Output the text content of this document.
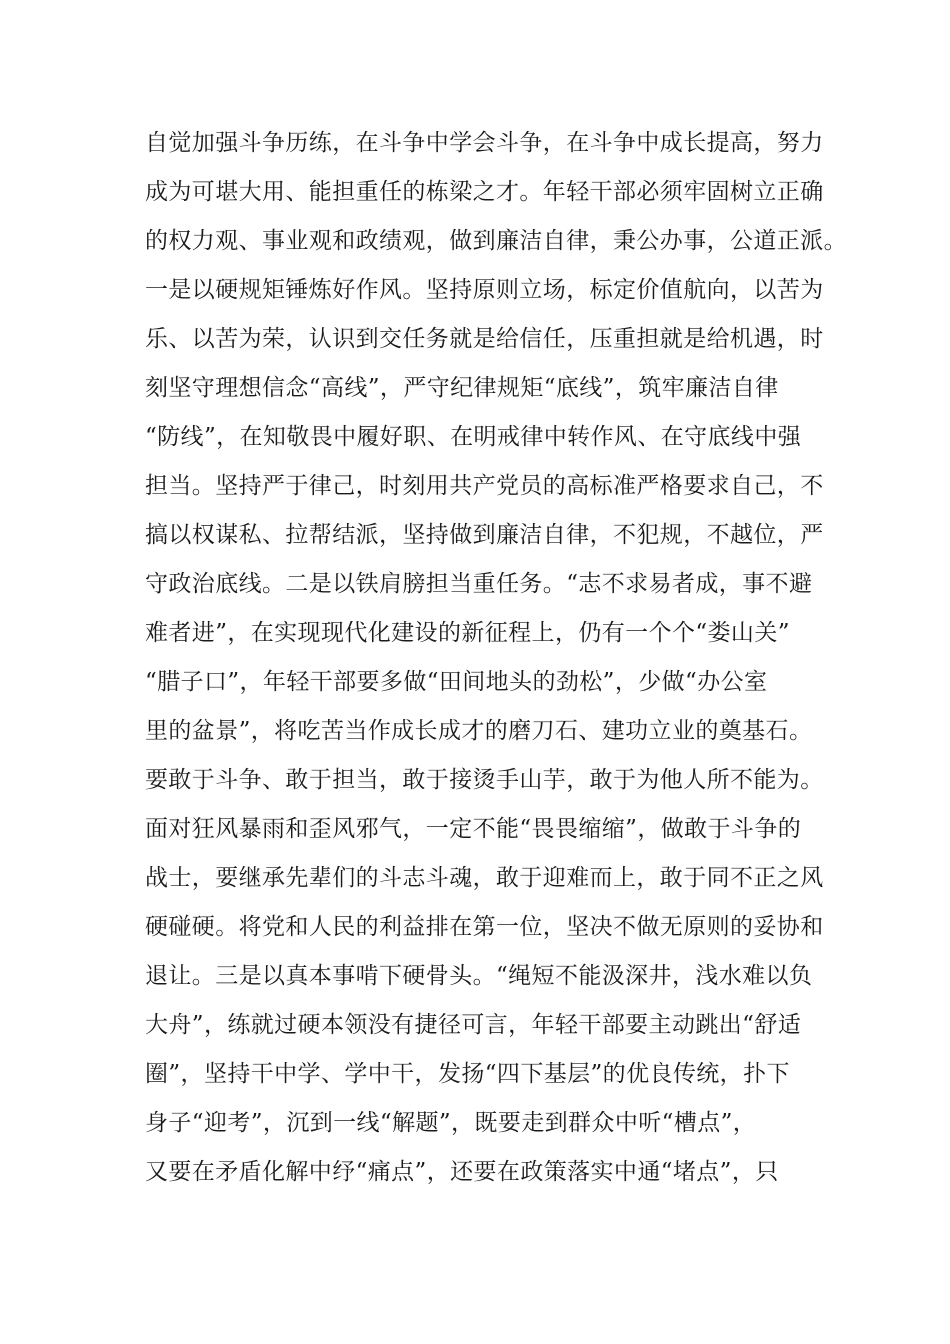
自觉加强斗争历练，在斗争中学会斗争，在斗争中成长提高，努力
成为可堪大用、能担重任的栋梁之才。年轻干部必须牢固树立正确
的权力观、事业观和政绩观，做到廉洁自律，秉公办事，公道正派。
一是以硬规矩锤炼好作风。坚持原则立场，标定价值航向，以苦为
乐、以苦为荣，认识到交任务就是给信任，压重担就是给机遇，时
刻坚守理想信念“高线”，严守纪律规矩“底线”，筑牢廉洁自律
“防线”，在知敬畏中履好职、在明戒律中转作风、在守底线中强
担当。坚持严于律己，时刻用共产党员的高标准严格要求自己，不
搞以权谋私、拉帮结派，坚持做到廉洁自律，不犯规，不越位，严
守政治底线。二是以铁肩膀担当重任务。“志不求易者成，事不避
难者进”，在实现现代化建设的新征程上，仍有一个个“娄山关”
“腊子口”，年轻干部要多做“田间地头的劲松”，少做“办公室
里的盆景”，将吃苦当作成长成才的磨刀石、建功立业的奠基石。
要敢于斗争、敢于担当，敢于接烫手山芋，敢于为他人所不能为。
面对狂风暴雨和歪风邪气，一定不能“畏畏缩缩”，做敢于斗争的
战士，要继承先辈们的斗志斗魂，敢于迎难而上，敢于同不正之风
硬碰硬。将党和人民的利益排在第一位，坚决不做无原则的妥协和
退让。三是以真本事啃下硬骨头。“绳短不能汲深井，浅水难以负
大舟”，练就过硬本领没有捷径可言，年轻干部要主动跳出“舒适
圈”，坚持干中学、学中干，发扬“四下基层”的优良传统，扑下
身子“迎考”，沉到一线“解题”，既要走到群众中听“槽点”，
又要在矛盾化解中纾“痛点”，还要在政策落实中通“堵点”，只
